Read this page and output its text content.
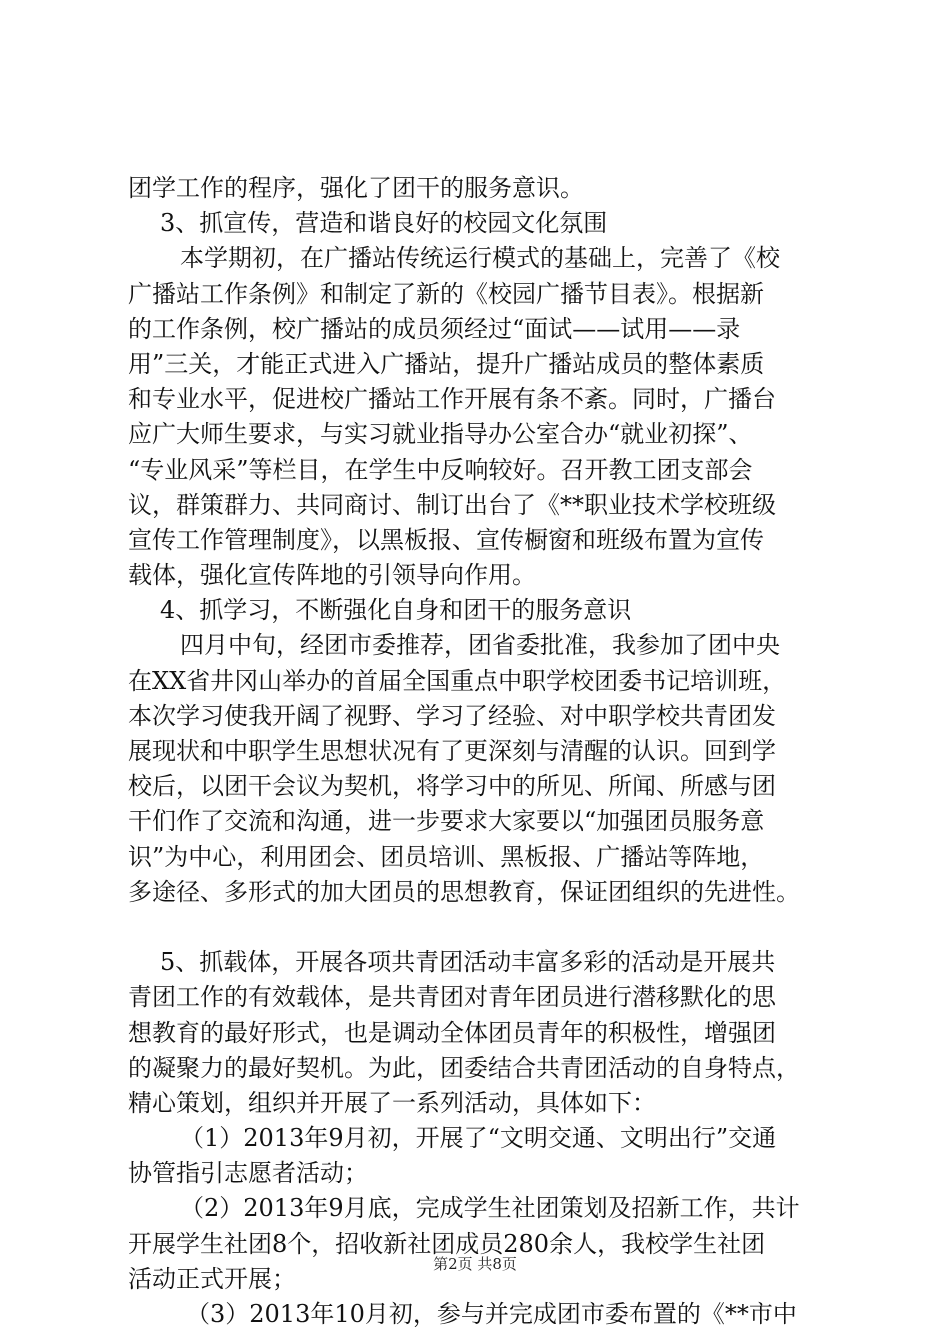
团学工作的程序，强化了团干的服务意识。
3、抓宣传，营造和谐良好的校园文化氛围
本学期初，在广播站传统运行模式的基础上，完善了《校
广播站工作条例》和制定了新的《校园广播节目表》。根据新
的工作条例，校广播站的成员须经过“面试——试用——录
用”三关，才能正式进入广播站，提升广播站成员的整体素质
和专业水平，促进校广播站工作开展有条不紊。同时，广播台
应广大师生要求，与实习就业指导办公室合办“就业初探”、
“专业风采”等栏目，在学生中反响较好。召开教工团支部会
议，群策群力、共同商讨、制订出台了《**职业技术学校班级
宣传工作管理制度》，以黑板报、宣传橱窗和班级布置为宣传
载体，强化宣传阵地的引领导向作用。
4、抓学习，不断强化自身和团干的服务意识
四月中旬，经团市委推荐，团省委批准，我参加了团中央
在XX省井冈山举办的首届全国重点中职学校团委书记培训班，
本次学习使我开阔了视野、学习了经验、对中职学校共青团发
展现状和中职学生思想状况有了更深刻与清醒的认识。回到学
校后，以团干会议为契机，将学习中的所见、所闻、所感与团
干们作了交流和沟通，进一步要求大家要以“加强团员服务意
识”为中心，利用团会、团员培训、黑板报、广播站等阵地，
多途径、多形式的加大团员的思想教育，保证团组织的先进性。
5、抓载体，开展各项共青团活动丰富多彩的活动是开展共
青团工作的有效载体，是共青团对青年团员进行潜移默化的思
想教育的最好形式，也是调动全体团员青年的积极性，增强团
的凝聚力的最好契机。为此，团委结合共青团活动的自身特点，
精心策划，组织并开展了一系列活动，具体如下：
（1）2013年9月初，开展了“文明交通、文明出行”交通
协管指引志愿者活动；
（2）2013年9月底，完成学生社团策划及招新工作，共计
开展学生社团8个，招收新社团成员280余人，我校学生社团
活动正式开展；
（3）2013年10月初，参与并完成团市委布置的《**市中
第2页 共8页
